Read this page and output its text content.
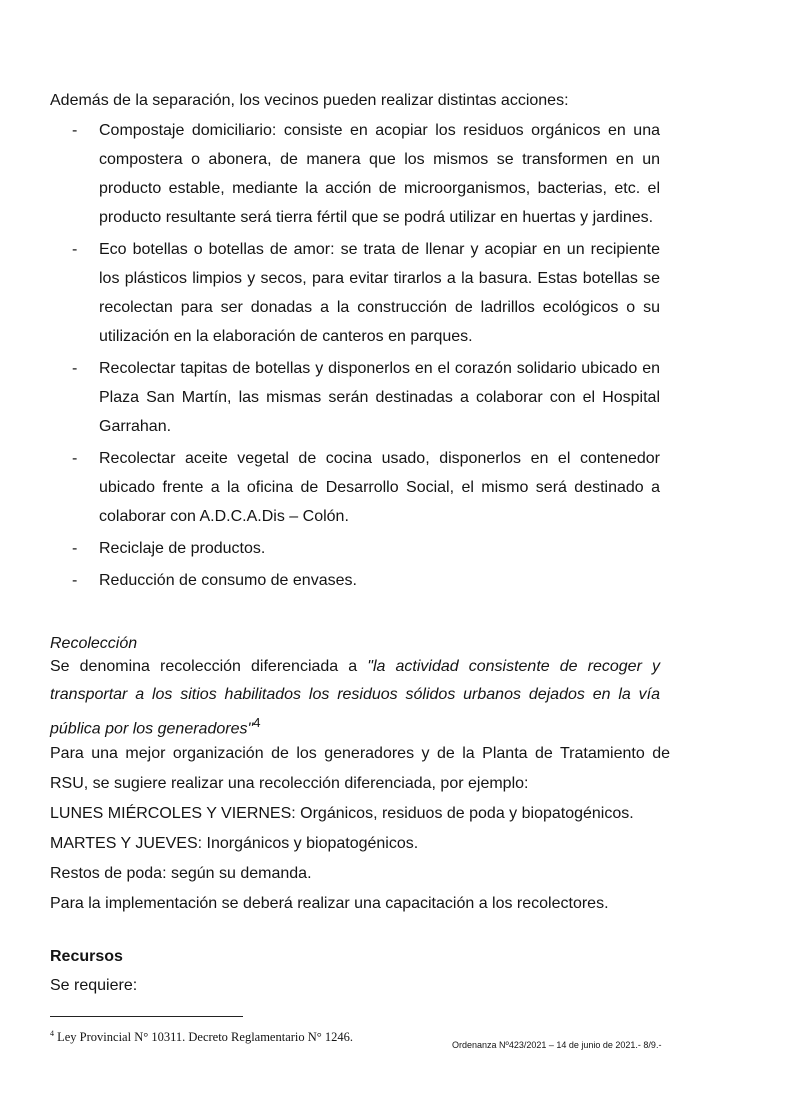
Además de la separación, los vecinos pueden realizar distintas acciones:

- Compostaje domiciliario: consiste en acopiar los residuos orgánicos en una compostera o abonera, de manera que los mismos se transformen en un producto estable, mediante la acción de microorganismos, bacterias, etc. el producto resultante será tierra fértil que se podrá utilizar en huertas y jardines.
- Eco botellas o botellas de amor: se trata de llenar y acopiar en un recipiente los plásticos limpios y secos, para evitar tirarlos a la basura. Estas botellas se recolectan para ser donadas a la construcción de ladrillos ecológicos o su utilización en la elaboración de canteros en parques.
- Recolectar tapitas de botellas y disponerlos en el corazón solidario ubicado en Plaza San Martín, las mismas serán destinadas a colaborar con el Hospital Garrahan.
- Recolectar aceite vegetal de cocina usado, disponerlos en el contenedor ubicado frente a la oficina de Desarrollo Social, el mismo será destinado a colaborar con A.D.C.A.Dis – Colón.
- Reciclaje de productos.
- Reducción de consumo de envases.

Recolección

Se denomina recolección diferenciada a "la actividad consistente de recoger y transportar a los sitios habilitados los residuos sólidos urbanos dejados en la vía pública por los generadores"$^4$

Para una mejor organización de los generadores y de la Planta de Tratamiento de RSU, se sugiere realizar una recolección diferenciada, por ejemplo:
LUNES MIÉRCOLES Y VIERNES: Orgánicos, residuos de poda y biopatogénicos.
MARTES Y JUEVES: Inorgánicos y biopatogénicos.
Restos de poda: según su demanda.
Para la implementación se deberá realizar una capacitación a los recolectores.

Recursos

Se requiere:

$^4$ Ley Provincial N° 10311. Decreto Reglamentario N° 1246.

Ordenanza Nº423/2021 – 14 de junio de 2021.- 8/9.-
